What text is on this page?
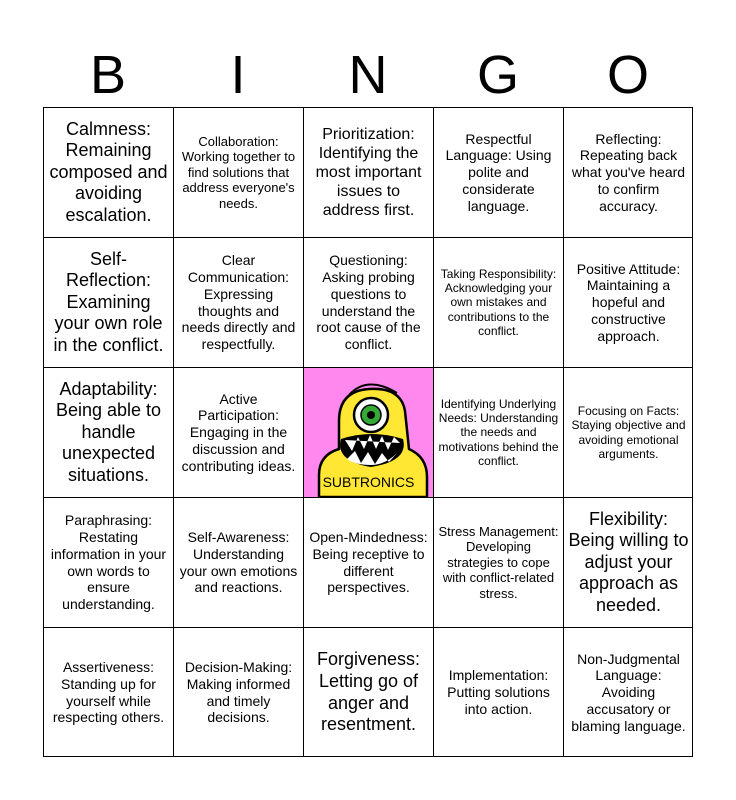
B	I	N	G	O
Calmness: Remaining composed and avoiding escalation.
Collaboration: Working together to find solutions that address everyone's needs.
Prioritization: Identifying the most important issues to address first.
Respectful Language: Using polite and considerate language.
Reflecting: Repeating back what you've heard to confirm accuracy.
Self-Reflection: Examining your own role in the conflict.
Clear Communication: Expressing thoughts and needs directly and respectfully.
Questioning: Asking probing questions to understand the root cause of the conflict.
Taking Responsibility: Acknowledging your own mistakes and contributions to the conflict.
Positive Attitude: Maintaining a hopeful and constructive approach.
Adaptability: Being able to handle unexpected situations.
Active Participation: Engaging in the discussion and contributing ideas.
SUBTRONICS
Identifying Underlying Needs: Understanding the needs and motivations behind the conflict.
Focusing on Facts: Staying objective and avoiding emotional arguments.
Paraphrasing: Restating information in your own words to ensure understanding.
Self-Awareness: Understanding your own emotions and reactions.
Open-Mindedness: Being receptive to different perspectives.
Stress Management: Developing strategies to cope with conflict-related stress.
Flexibility: Being willing to adjust your approach as needed.
Assertiveness: Standing up for yourself while respecting others.
Decision-Making: Making informed and timely decisions.
Forgiveness: Letting go of anger and resentment.
Implementation: Putting solutions into action.
Non-Judgmental Language: Avoiding accusatory or blaming language.
